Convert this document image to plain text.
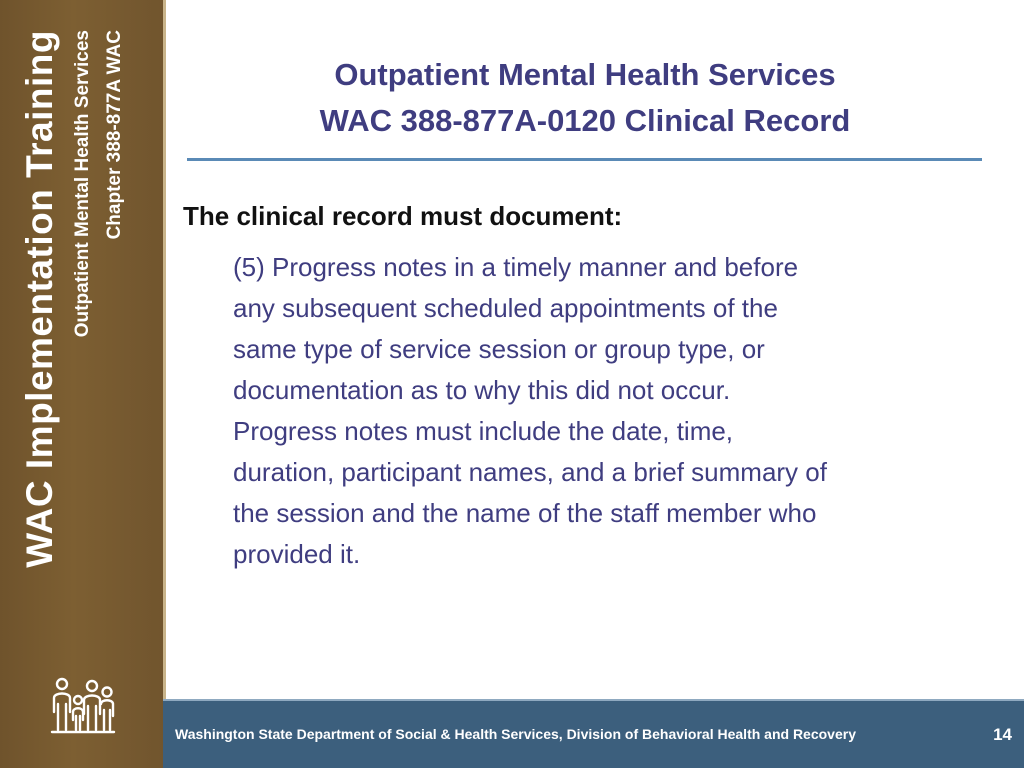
WAC Implementation Training Outpatient Mental Health Services Chapter 388-877A WAC	Outpatient Mental Health Services
WAC 388-877A-0120 Clinical Record
The clinical record must document:
(5) Progress notes in a timely manner and before
any subsequent scheduled appointments of the
same type of service session or group type, or
documentation as to why this did not occur.
Progress notes must include the date, time,
duration, participant names, and a brief summary of
the session and the name of the staff member who
provided it.
Washington State Department of Social & Health Services, Division of Behavioral Health and Recovery	14
